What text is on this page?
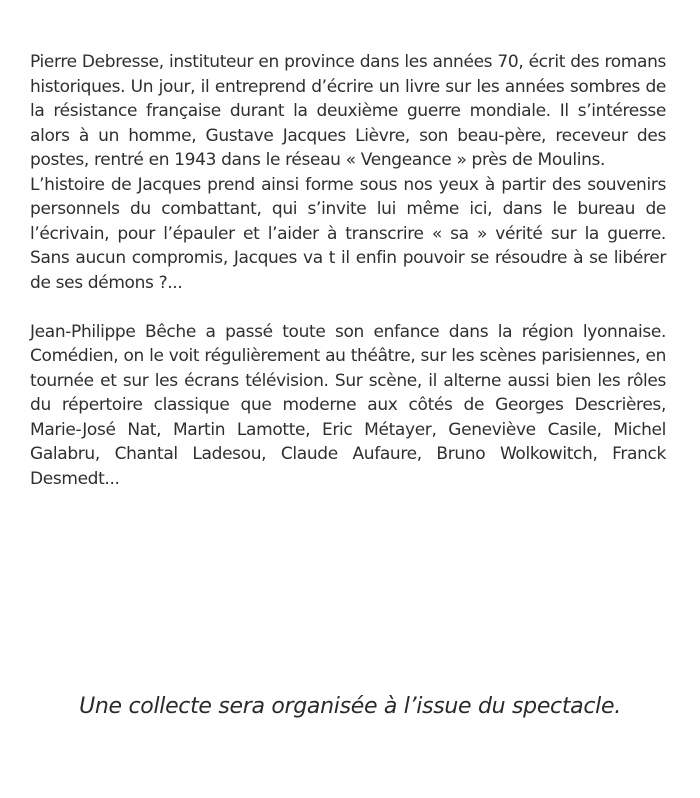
Pierre Debresse, instituteur en province dans les années 70, écrit des romans historiques. Un jour, il entreprend d’écrire un livre sur les années sombres de la résistance française durant la deuxième guerre mondiale. Il s’intéresse alors à un homme, Gustave Jacques Lièvre, son beau-père, receveur des postes, rentré en 1943 dans le réseau « Vengeance » près de Moulins.

L’histoire de Jacques prend ainsi forme sous nos yeux à partir des souvenirs personnels du combattant, qui s’invite lui même ici, dans le bureau de l’écrivain, pour l’épauler et l’aider à transcrire « sa » vérité sur la guerre. Sans aucun compromis, Jacques va t il enfin pouvoir se résoudre à se libérer de ses démons ?...

Jean-Philippe Bêche a passé toute son enfance dans la région lyonnaise. Comédien, on le voit régulièrement au théâtre, sur les scènes parisiennes, en tournée et sur les écrans télévision. Sur scène, il alterne aussi bien les rôles du répertoire classique que moderne aux côtés de Georges Descrières, Marie-José Nat, Martin Lamotte, Eric Métayer, Geneviève Casile, Michel Galabru, Chantal Ladesou, Claude Aufaure, Bruno Wolkowitch, Franck Desmedt...

Une collecte sera organisée à l’issue du spectacle.
